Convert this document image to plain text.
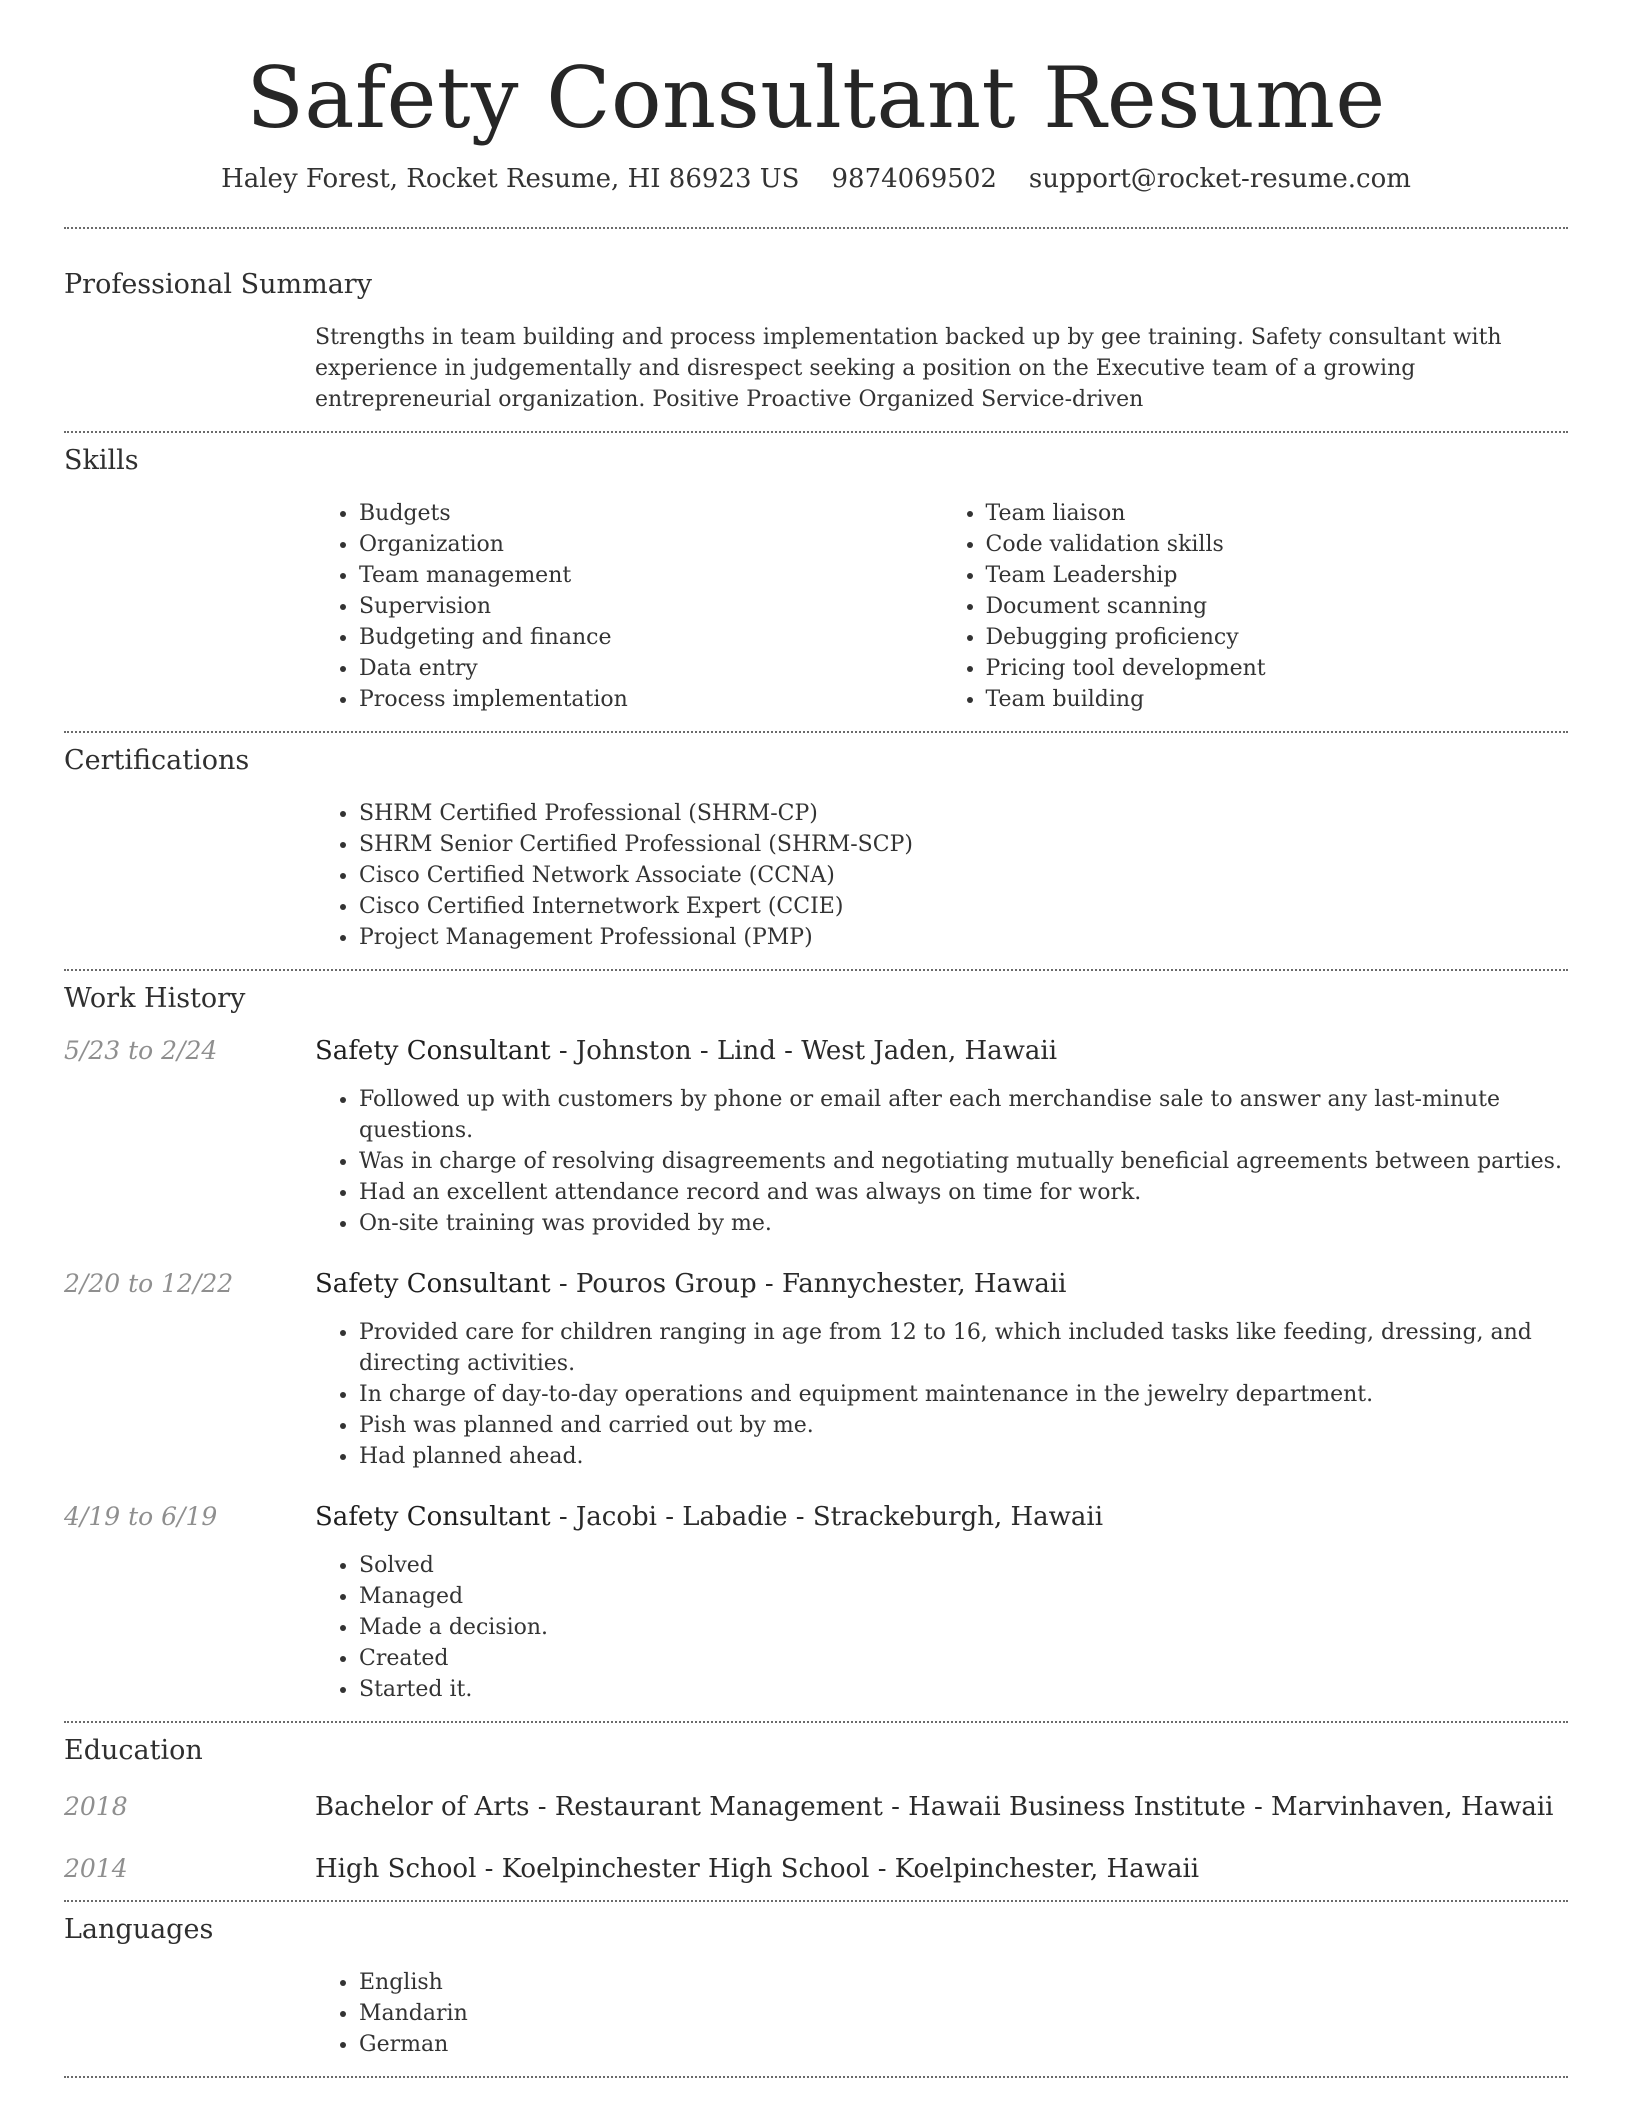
Safety Consultant Resume
Haley Forest, Rocket Resume, HI 86923 US 9874069502 support@rocket-resume.com
Professional Summary
Strengths in team building and process implementation backed up by gee training. Safety consultant with experience in judgementally and disrespect seeking a position on the Executive team of a growing entrepreneurial organization. Positive Proactive Organized Service-driven
Skills
• Budgets
• Organization
• Team management
• Supervision
• Budgeting and finance
• Data entry
• Process implementation
• Team liaison
• Code validation skills
• Team Leadership
• Document scanning
• Debugging proficiency
• Pricing tool development
• Team building
Certifications
• SHRM Certified Professional (SHRM-CP)
• SHRM Senior Certified Professional (SHRM-SCP)
• Cisco Certified Network Associate (CCNA)
• Cisco Certified Internetwork Expert (CCIE)
• Project Management Professional (PMP)
Work History
5/23 to 2/24	Safety Consultant - Johnston - Lind - West Jaden, Hawaii
• Followed up with customers by phone or email after each merchandise sale to answer any last-minute questions.
• Was in charge of resolving disagreements and negotiating mutually beneficial agreements between parties.
• Had an excellent attendance record and was always on time for work.
• On-site training was provided by me.
2/20 to 12/22	Safety Consultant - Pouros Group - Fannychester, Hawaii
• Provided care for children ranging in age from 12 to 16, which included tasks like feeding, dressing, and directing activities.
• In charge of day-to-day operations and equipment maintenance in the jewelry department.
• Pish was planned and carried out by me.
• Had planned ahead.
4/19 to 6/19	Safety Consultant - Jacobi - Labadie - Strackeburgh, Hawaii
• Solved
• Managed
• Made a decision.
• Created
• Started it.
Education
2018	Bachelor of Arts - Restaurant Management - Hawaii Business Institute - Marvinhaven, Hawaii
2014	High School - Koelpinchester High School - Koelpinchester, Hawaii
Languages
• English
• Mandarin
• German
